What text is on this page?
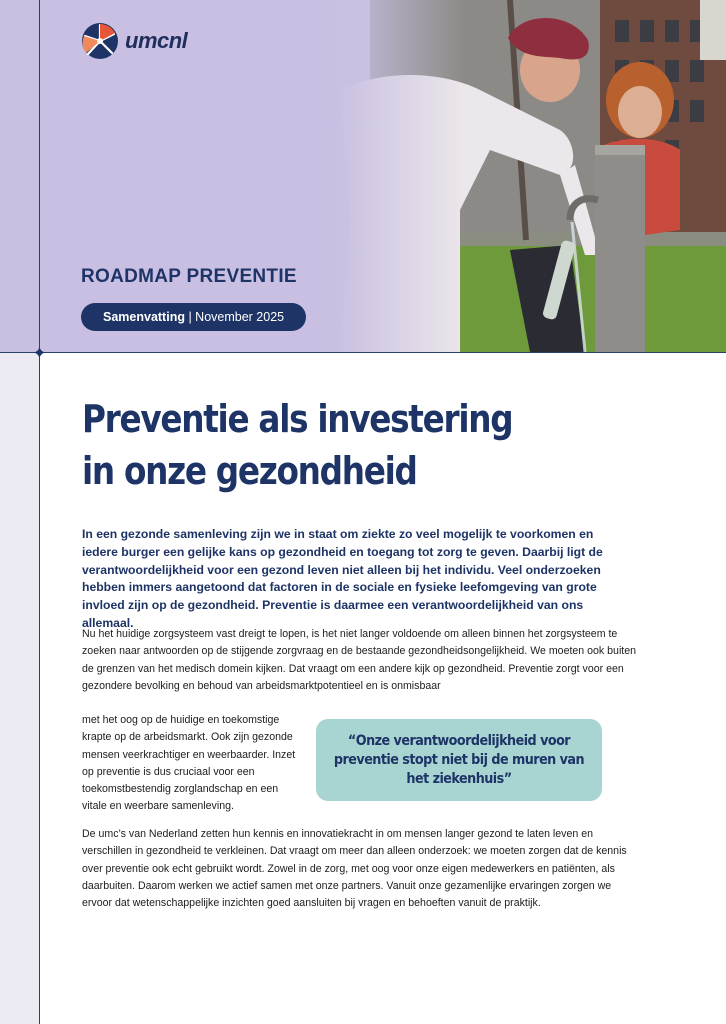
umcnl
ROADMAP PREVENTIE
Samenvatting | November 2025
Preventie als investering
in onze gezondheid

In een gezonde samenleving zijn we in staat om ziekte zo veel mogelijk te voorkomen en iedere burger een gelijke kans op gezondheid en toegang tot zorg te geven. Daarbij ligt de verantwoordelijkheid voor een gezond leven niet alleen bij het individu. Veel onderzoeken hebben immers aangetoond dat factoren in de sociale en fysieke leefomgeving van grote invloed zijn op de gezondheid. Preventie is daarmee een verantwoordelijkheid van ons allemaal.

Nu het huidige zorgsysteem vast dreigt te lopen, is het niet langer voldoende om alleen binnen het zorgsysteem te zoeken naar antwoorden op de stijgende zorgvraag en de bestaande gezondheidsongelijkheid. We moeten ook buiten de grenzen van het medisch domein kijken. Dat vraagt om een andere kijk op gezondheid. Preventie zorgt voor een gezondere bevolking en behoud van arbeidsmarktpotentieel en is onmisbaar

met het oog op de huidige en toekomstige krapte op de arbeidsmarkt. Ook zijn gezonde mensen veerkrachtiger en weerbaarder. Inzet op preventie is dus cruciaal voor een toekomstbestendig zorglandschap en een vitale en weerbare samenleving.

“Onze verantwoordelijkheid voor preventie stopt niet bij de muren van het ziekenhuis”

De umc’s van Nederland zetten hun kennis en innovatiekracht in om mensen langer gezond te laten leven en verschillen in gezondheid te verkleinen. Dat vraagt om meer dan alleen onderzoek: we moeten zorgen dat de kennis over preventie ook echt gebruikt wordt. Zowel in de zorg, met oog voor onze eigen medewerkers en patiënten, als daarbuiten. Daarom werken we actief samen met onze partners. Vanuit onze gezamenlijke ervaringen zorgen we ervoor dat wetenschappelijke inzichten goed aansluiten bij vragen en behoeften vanuit de praktijk.
